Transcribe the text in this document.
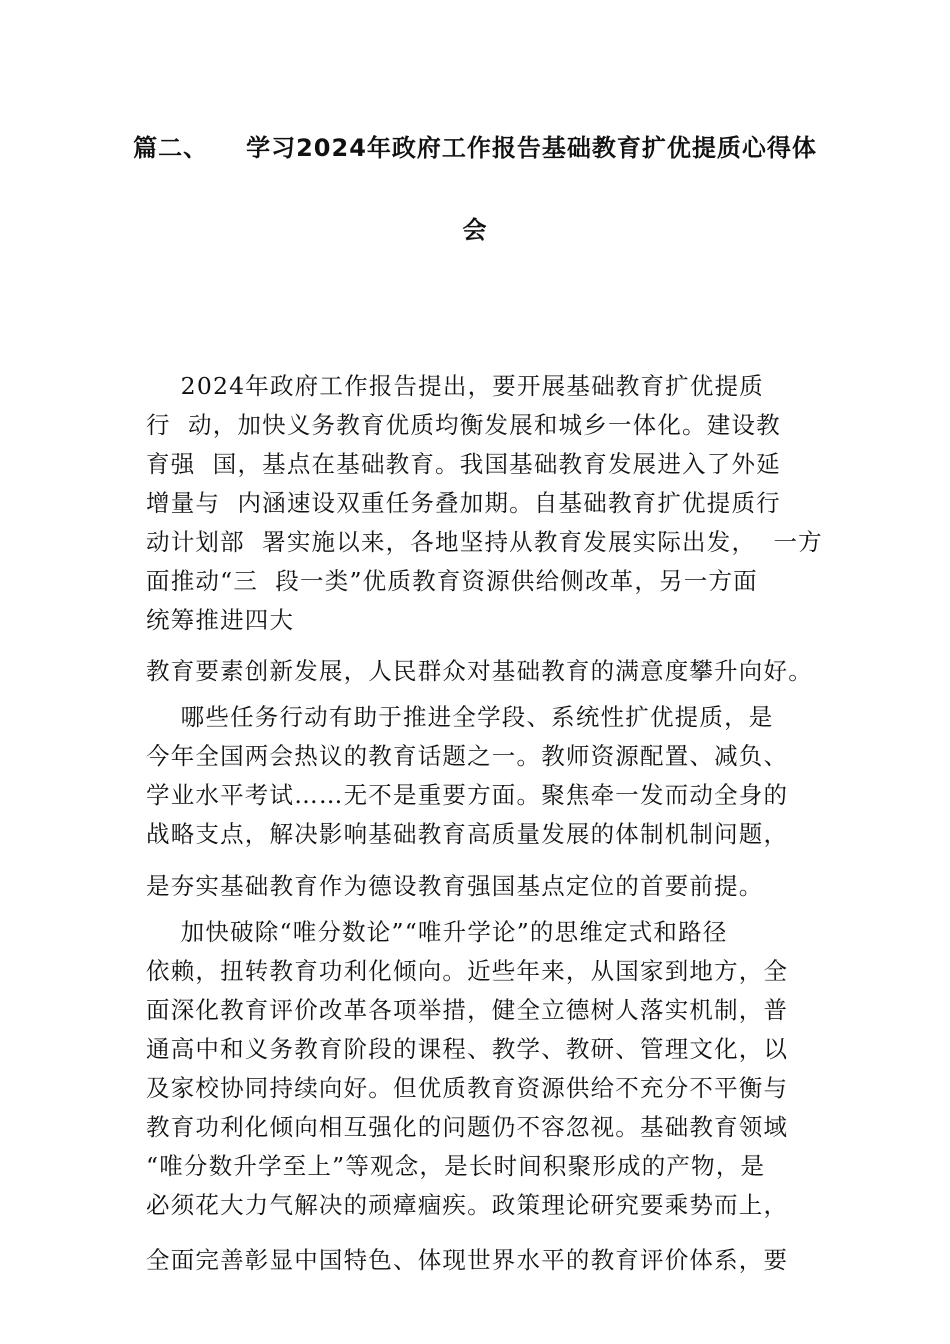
篇二、 学习2024年政府工作报告基础教育扩优提质心得体
会
2024年政府工作报告提出，要开展基础教育扩优提质
行  动，加快义务教育优质均衡发展和城乡一体化。建设教
育强  国，基点在基础教育。我国基础教育发展进入了外延
增量与  内涵速设双重任务叠加期。自基础教育扩优提质行
动计划部  署实施以来，各地坚持从教育发展实际出发，  一方
面推动“三  段一类”优质教育资源供给侧改革，另一方面
统筹推进四大
教育要素创新发展，人民群众对基础教育的满意度攀升向好。
哪些任务行动有助于推进全学段、系统性扩优提质，是
今年全国两会热议的教育话题之一。教师资源配置、减负、
学业水平考试……无不是重要方面。聚焦牵一发而动全身的
战略支点，解决影响基础教育高质量发展的体制机制问题，
是夯实基础教育作为德设教育强国基点定位的首要前提。
加快破除“唯分数论”“唯升学论”的思维定式和路径
依赖，扭转教育功利化倾向。近些年来，从国家到地方，全
面深化教育评价改革各项举措，健全立德树人落实机制，普
通高中和义务教育阶段的课程、教学、教研、管理文化，以
及家校协同持续向好。但优质教育资源供给不充分不平衡与
教育功利化倾向相互强化的问题仍不容忽视。基础教育领域
“唯分数升学至上”等观念，是长时间积聚形成的产物，是
必须花大力气解决的顽瘴痼疾。政策理论研究要乘势而上，
全面完善彰显中国特色、体现世界水平的教育评价体系，要
